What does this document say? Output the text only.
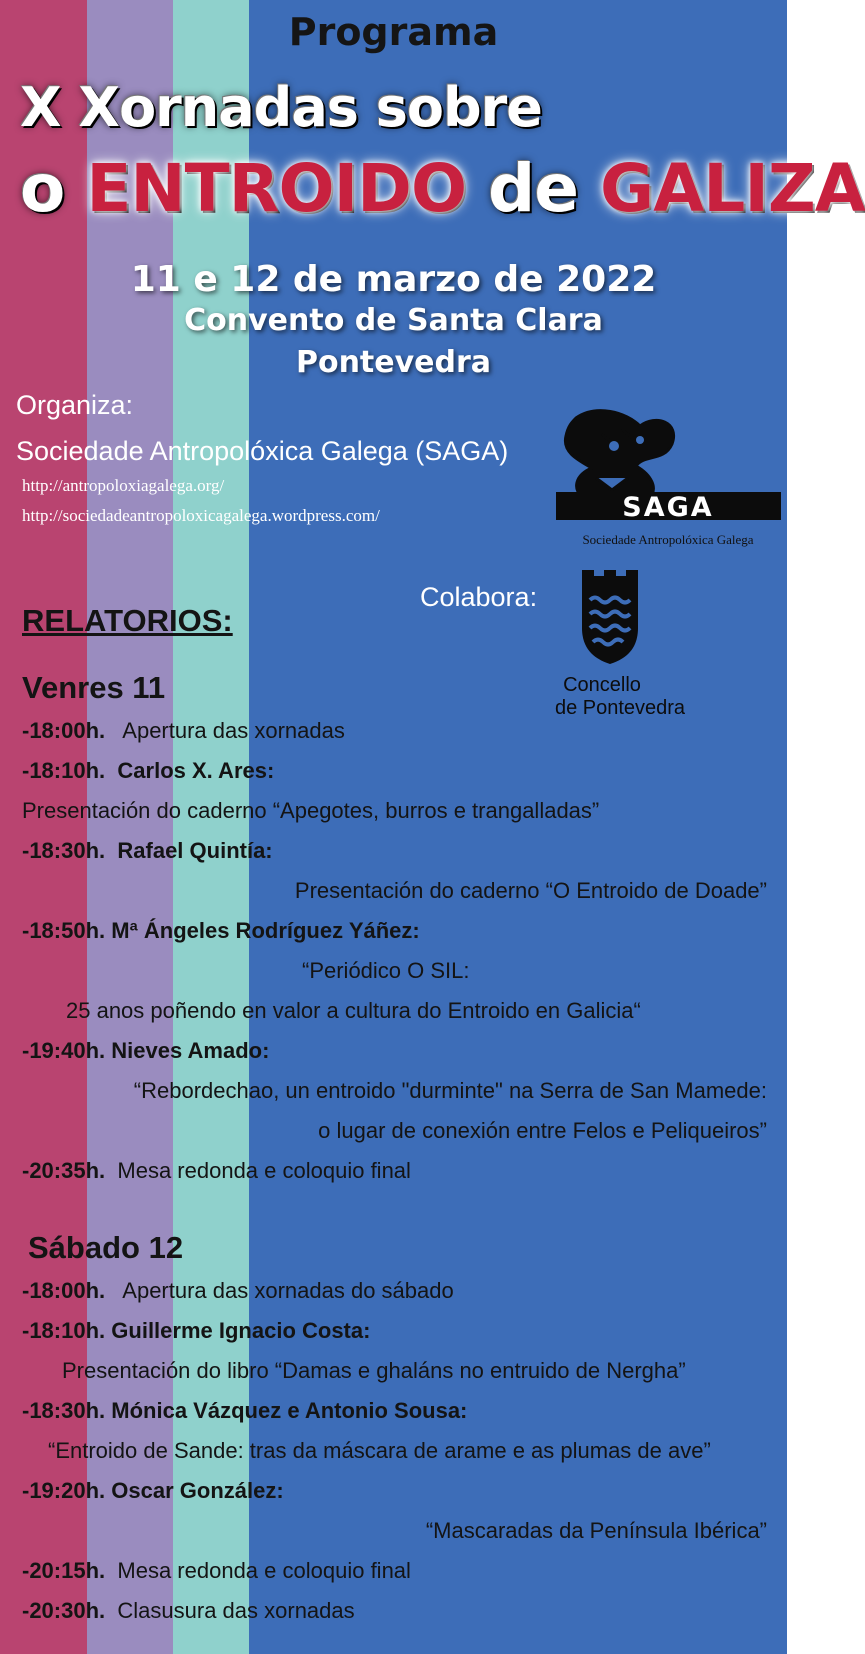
Programa
X Xornadas sobre
o ENTROIDO de GALIZA
11 e 12 de marzo de 2022
Convento de Santa Clara
Pontevedra
Organiza:
Sociedade Antropolóxica Galega (SAGA)
http://antropoloxiagalega.org/
http://sociedadeantropoloxicagalega.wordpress.com/	SAGA
Sociedade Antropolóxica Galega
Colabora:
Concello
de Pontevedra
RELATORIOS:
Venres 11
-18:00h. Apertura das xornadas
-18:10h. Carlos X. Ares:
Presentación do caderno “Apegotes, burros e trangalladas”
-18:30h. Rafael Quintía:
Presentación do caderno “O Entroido de Doade”
-18:50h. Mª Ángeles Rodríguez Yáñez:
“Periódico O SIL:
25 anos poñendo en valor a cultura do Entroido en Galicia“
-19:40h. Nieves Amado:
“Rebordechao, un entroido "durminte" na Serra de San Mamede:
o lugar de conexión entre Felos e Peliqueiros”
-20:35h. Mesa redonda e coloquio final
Sábado 12
-18:00h. Apertura das xornadas do sábado
-18:10h. Guillerme Ignacio Costa:
Presentación do libro “Damas e ghaláns no entruido de Nergha”
-18:30h. Mónica Vázquez e Antonio Sousa:
“Entroido de Sande: tras da máscara de arame e as plumas de ave”
-19:20h. Oscar González:
“Mascaradas da Península Ibérica”
-20:15h. Mesa redonda e coloquio final
-20:30h. Clasusura das xornadas
